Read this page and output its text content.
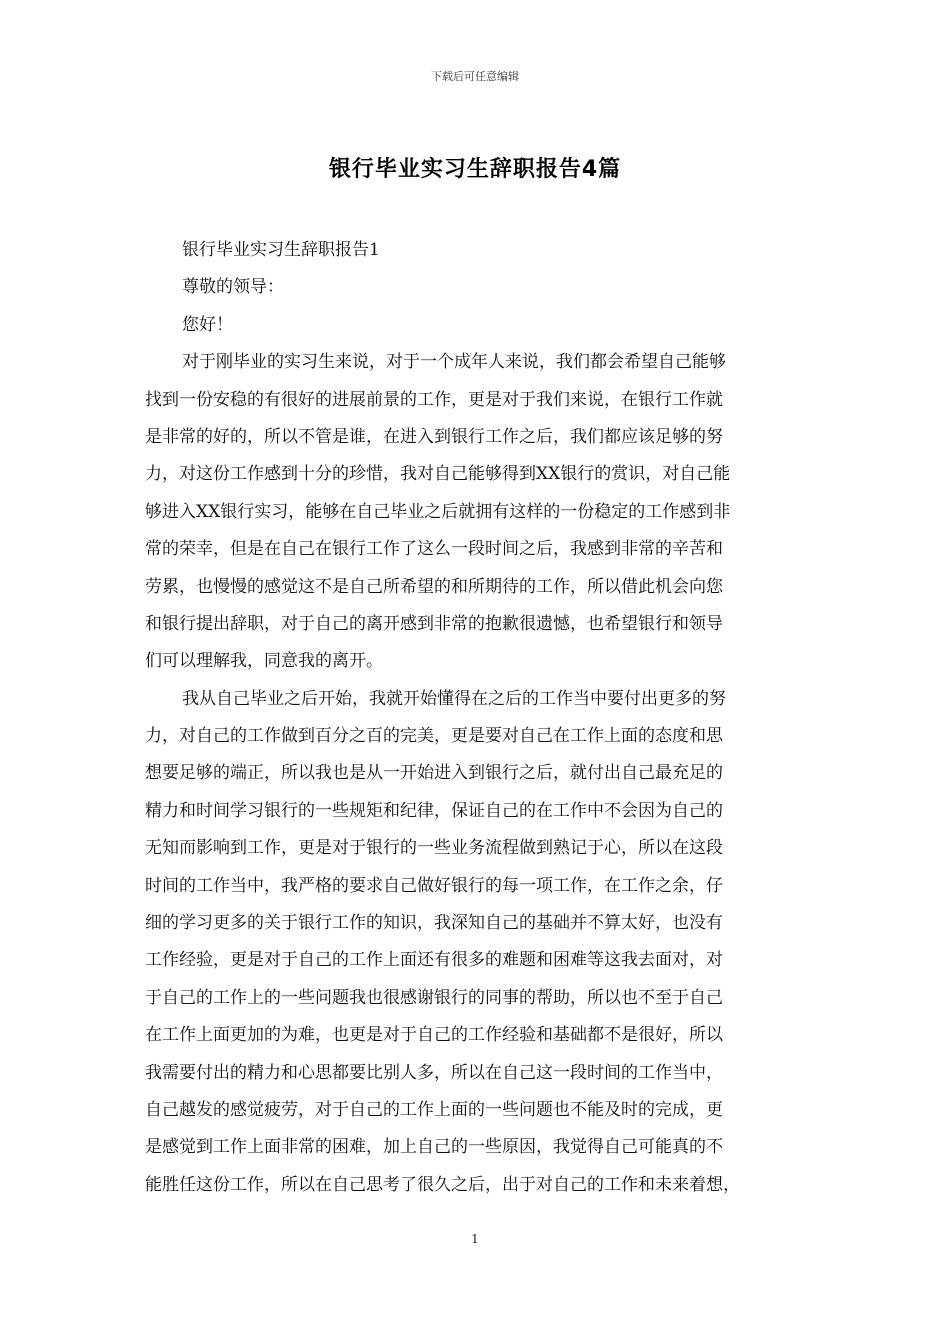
下载后可任意编辑
银行毕业实习生辞职报告4篇
银行毕业实习生辞职报告1
尊敬的领导：
您好！
对于刚毕业的实习生来说，对于一个成年人来说，我们都会希望自己能够
找到一份安稳的有很好的进展前景的工作，更是对于我们来说，在银行工作就
是非常的好的，所以不管是谁，在进入到银行工作之后，我们都应该足够的努
力，对这份工作感到十分的珍惜，我对自己能够得到XX银行的赏识，对自己能
够进入XX银行实习，能够在自己毕业之后就拥有这样的一份稳定的工作感到非
常的荣幸，但是在自己在银行工作了这么一段时间之后，我感到非常的辛苦和
劳累，也慢慢的感觉这不是自己所希望的和所期待的工作，所以借此机会向您
和银行提出辞职，对于自己的离开感到非常的抱歉很遗憾，也希望银行和领导
们可以理解我，同意我的离开。
我从自己毕业之后开始，我就开始懂得在之后的工作当中要付出更多的努
力，对自己的工作做到百分之百的完美，更是要对自己在工作上面的态度和思
想要足够的端正，所以我也是从一开始进入到银行之后，就付出自己最充足的
精力和时间学习银行的一些规矩和纪律，保证自己的在工作中不会因为自己的
无知而影响到工作，更是对于银行的一些业务流程做到熟记于心，所以在这段
时间的工作当中，我严格的要求自己做好银行的每一项工作，在工作之余，仔
细的学习更多的关于银行工作的知识，我深知自己的基础并不算太好，也没有
工作经验，更是对于自己的工作上面还有很多的难题和困难等这我去面对，对
于自己的工作上的一些问题我也很感谢银行的同事的帮助，所以也不至于自己
在工作上面更加的为难，也更是对于自己的工作经验和基础都不是很好，所以
我需要付出的精力和心思都要比别人多，所以在自己这一段时间的工作当中，
自己越发的感觉疲劳，对于自己的工作上面的一些问题也不能及时的完成，更
是感觉到工作上面非常的困难，加上自己的一些原因，我觉得自己可能真的不
能胜任这份工作，所以在自己思考了很久之后，出于对自己的工作和未来着想，
1
